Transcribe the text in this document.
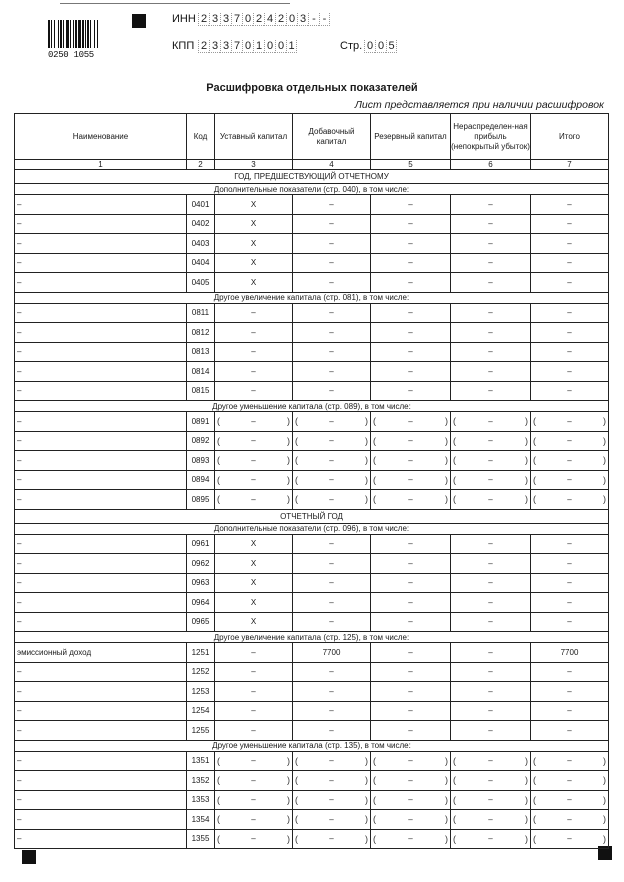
0250 1055
ИНН 2 3 3 7 0 2 4 2 0 3 - -
КПП 2 3 3 7 0 1 0 0 1	Стр. 0 0 5
Расшифровка отдельных показателей
Лист представляется при наличии расшифровок
Наименование	Код	Уставный капитал	Добавочный капитал	Резервный капитал	Нераспределен-ная прибыль (непокрытый убыток)	Итого
1	2	3	4	5	6	7
ГОД, ПРЕДШЕСТВУЮЩИЙ ОТЧЕТНОМУ						
Дополнительные показатели (стр. 040), в том числе:						
–	0401	Х	–	–	–	–
–	0402	Х	–	–	–	–
–	0403	Х	–	–	–	–
–	0404	Х	–	–	–	–
–	0405	Х	–	–	–	–
Другое увеличение капитала (стр. 081), в том числе:						
–	0811	–	–	–	–	–
–	0812	–	–	–	–	–
–	0813	–	–	–	–	–
–	0814	–	–	–	–	–
–	0815	–	–	–	–	–
Другое уменьшение капитала (стр. 089), в том числе:						
–	0891	( – )	( – )	( – )	( – )	( – )

–	0892	( – )	( – )	( – )	( – )	( – )

–	0893	( – )	( – )	( – )	( – )	( – )

–	0894	( – )	( – )	( – )	( – )	( – )

–	0895	( – )	( – )	( – )	( – )	( – )

ОТЧЕТНЫЙ ГОД						
Дополнительные показатели (стр. 096), в том числе:						
–	0961	Х	–	–	–	–
–	0962	Х	–	–	–	–
–	0963	Х	–	–	–	–
–	0964	Х	–	–	–	–
–	0965	Х	–	–	–	–
Другое увеличение капитала (стр. 125), в том числе:						
эмиссионный доход	1251	–	7700	–	–	7700
–	1252	–	–	–	–	–
–	1253	–	–	–	–	–
–	1254	–	–	–	–	–
–	1255	–	–	–	–	–
Другое уменьшение капитала (стр. 135), в том числе:						
–	1351	( – )	( – )	( – )	( – )	( – )

–	1352	( – )	( – )	( – )	( – )	( – )

–	1353	( – )	( – )	( – )	( – )	( – )

–	1354	( – )	( – )	( – )	( – )	( – )

–	1355	( – )	( – )	( – )	( – )	( – )
